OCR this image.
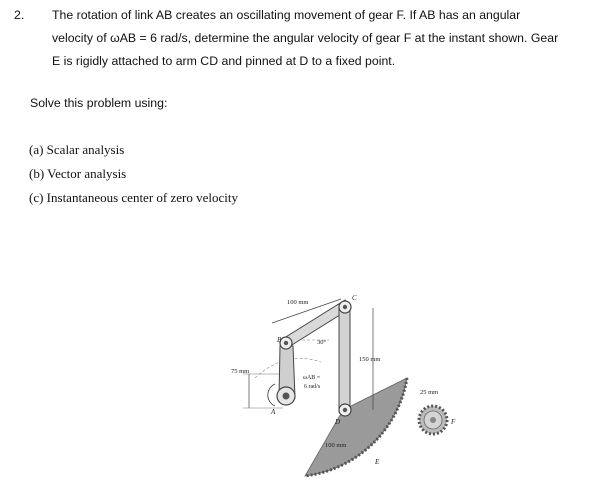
2. The rotation of link AB creates an oscillating movement of gear F. If AB has an angular
velocity of ωAB = 6 rad/s, determine the angular velocity of gear F at the instant shown. Gear
E is rigidly attached to arm CD and pinned at D to a fixed point.
Solve this problem using:
(a) Scalar analysis
(b) Vector analysis
(c) Instantaneous center of zero velocity
100 mm
30°
150 mm
75 mm
ωAB =
6 rad/s
25 mm
100 mm
A
B
C
D
E
F
